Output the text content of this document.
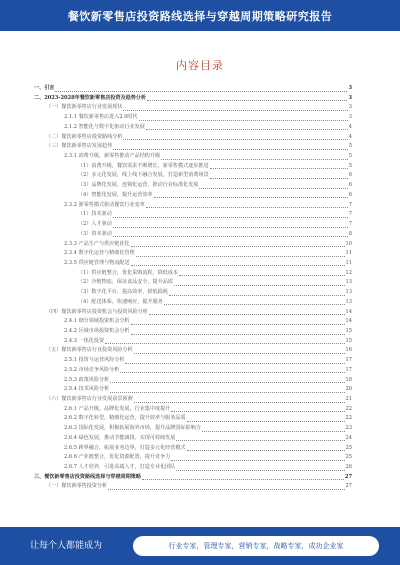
餐饮新零售店投资路线选择与穿越周期策略研究报告
内容目录
一、引言	3
二、2023-2028年餐饮新零售店投资及趋势分析	3
（一）餐饮新零售店行业发展现状	3
2.1.1 餐饮新零售店进入2.0时代	3
2.1.2 智能化与数字化驱动行业发展	4
（二）餐饮新零售店投资路线分析	4
（三）餐饮新零售店发展趋势	5
2.3.1 消费升级，新零售推动产品结构升级	5
（1）消费升级，餐饮需求不断增长，新零售模式逐步推进	5
（2）多元化发展，线上线下融合发展，打造新型消费场景	6
（3）品牌化发展，连锁化运营，推动行业标准化发展	6
（4）智能化发展，提升运营效率	6
2.3.2 新零售模式驱动餐饮行业变革	7
（1）技术驱动	7
（2）人才驱动	7
（3）资本驱动	8
2.3.3 产品生产与供应链优化	10
2.3.4 数字化运营与精细化管理	11
2.3.5 供应链管理与物流配送	11
（1）供应链整合，优化采购流程，降低成本	12
（2）冷链物流，保证食品安全，提升品质	13
（3）数字化平台，提高效率，降低损耗	13
（4）配送体系，快速响应，提升服务	13
（四）餐饮新零售店投资机会与投资风险分析	14
2.4.1 细分领域投资机会分析	14
2.4.2 区域市场投资机会分析	15
2.4.3 一体化投资	15
（五）餐饮新零售店行业投资风险分析	16
2.5.1 投资与运营风险分析	17
2.5.2 市场竞争风险分析	17
2.5.3 政策风险分析	18
2.5.4 技术风险分析	20
（六）餐饮新零售店行业发展前景预测	21
2.6.1 产品升级，品牌化发展，行业集中度提升	22
2.6.2 数字化转型，精细化运营，提升效率与服务品质	22
2.6.3 国际化发展，积极拓展海外市场，提升品牌国际影响力	23
2.6.4 绿色发展，推动节能减排，实现可持续发展	24
2.6.5 跨界融合，拓展业务边界，打造多元化经营模式	25
2.6.6 产业链整合，优化资源配置，提升竞争力	25
2.6.7 人才培养，引进高端人才，打造专业化团队	26
三、餐饮新零售店投资路线选择与穿越周期策略	27
（一）餐饮新零售投资分析	27
让每个人都能成为	行业专家，管理专家，营销专家，战略专家，成功企业家
